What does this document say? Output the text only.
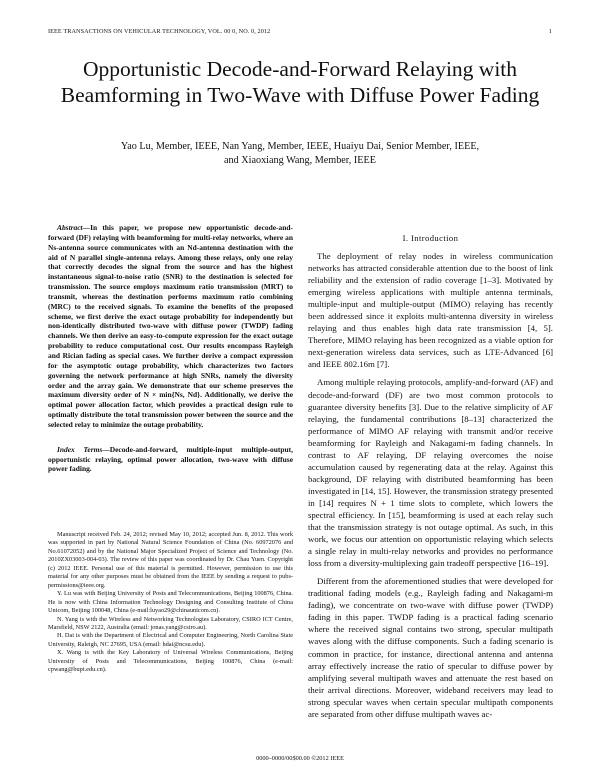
IEEE TRANSACTIONS ON VEHICULAR TECHNOLOGY, VOL. 00 0, NO. 0, 2012	1
Opportunistic Decode-and-Forward Relaying with Beamforming in Two-Wave with Diffuse Power Fading
Yao Lu, Member, IEEE, Nan Yang, Member, IEEE, Huaiyu Dai, Senior Member, IEEE,
and Xiaoxiang Wang, Member, IEEE
Abstract—In this paper, we propose new opportunistic decode-and-forward (DF) relaying with beamforming for multi-relay networks, where an Ns-antenna source communicates with an Nd-antenna destination with the aid of N parallel single-antenna relays. Among these relays, only one relay that correctly decodes the signal from the source and has the highest instantaneous signal-to-noise ratio (SNR) to the destination is selected for transmission. The source employs maximum ratio transmission (MRT) to transmit, whereas the destination performs maximum ratio combining (MRC) to the received signals. To examine the benefits of the proposed scheme, we first derive the exact outage probability for independently but non-identically distributed two-wave with diffuse power (TWDP) fading channels. We then derive an easy-to-compute expression for the exact outage probability to reduce computational cost. Our results encompass Rayleigh and Rician fading as special cases. We further derive a compact expression for the asymptotic outage probability, which characterizes two factors governing the network performance at high SNRs, namely the diversity order and the array gain. We demonstrate that our scheme preserves the maximum diversity order of N × min{Ns, Nd}. Additionally, we derive the optimal power allocation factor, which provides a practical design rule to optimally distribute the total transmission power between the source and the selected relay to minimize the outage probability.
Index Terms—Decode-and-forward, multiple-input multiple-output, opportunistic relaying, optimal power allocation, two-wave with diffuse power fading.

Manuscript received Feb. 24, 2012; revised May 10, 2012; accepted Jun. 8, 2012. This work was supported in part by National Natural Science Foundation of China (No. 60972076 and No.61072052) and by the National Major Specialized Project of Science and Technology (No. 2010ZX03003-004-03). The review of this paper was coordinated by Dr. Chau Yuen. Copyright (c) 2012 IEEE. Personal use of this material is permitted. However, permission to use this material for any other purposes must be obtained from the IEEE by sending a request to pubs-permissions@ieee.org.

Y. Lu was with Beijing University of Posts and Telecommunications, Beijing 100876, China. He is now with China Information Technology Designing and Consulting Institute of China Unicom, Beijing 100048, China (e-mail:luyao29@chinaunicom.cn).

N. Yang is with the Wireless and Networking Technologies Laboratory, CSIRO ICT Centre, Marsfield, NSW 2122, Australia (email: jonas.yang@csiro.au).

H. Dai is with the Department of Electrical and Computer Engineering, North Carolina State University, Raleigh, NC 27695, USA (email: hdai@ncsu.edu).

X. Wang is with the Key Laboratory of Universal Wireless Communications, Beijing University of Posts and Telecommunications, Beijing 100876, China (e-mail: cpwang@bupt.edu.cn).

I. Introduction

The deployment of relay nodes in wireless communication networks has attracted considerable attention due to the boost of link reliability and the extension of radio coverage [1–3]. Motivated by emerging wireless applications with multiple antenna terminals, multiple-input and multiple-output (MIMO) relaying has recently been addressed since it exploits multi-antenna diversity in wireless relaying and thus enables high data rate transmission [4, 5]. Therefore, MIMO relaying has been recognized as a viable option for next-generation wireless data services, such as LTE-Advanced [6] and IEEE 802.16m [7].

Among multiple relaying protocols, amplify-and-forward (AF) and decode-and-forward (DF) are two most common protocols to guarantee diversity benefits [3]. Due to the relative simplicity of AF relaying, the fundamental contributions [8–13] characterized the performance of MIMO AF relaying with transmit and/or receive beamforming for Rayleigh and Nakagami-m fading channels. In contrast to AF relaying, DF relaying overcomes the noise accumulation caused by regenerating data at the relay. Against this background, DF relaying with distributed beamforming has been investigated in [14, 15]. However, the transmission strategy presented in [14] requires N + 1 time slots to complete, which lowers the spectral efficiency. In [15], beamforming is used at each relay such that the transmission strategy is not outage optimal. As such, in this work, we focus our attention on opportunistic relaying which selects a single relay in multi-relay networks and provides no performance loss from a diversity-multiplexing gain tradeoff perspective [16–19].

Different from the aforementioned studies that were developed for traditional fading models (e.g., Rayleigh fading and Nakagami-m fading), we concentrate on two-wave with diffuse power (TWDP) fading in this paper. TWDP fading is a practical fading scenario where the received signal contains two strong, specular multipath waves along with the diffuse components. Such a fading scenario is common in practice, for instance, directional antenna and antenna array effectively increase the ratio of specular to diffuse power by amplifying several multipath waves and attenuate the rest based on their arrival directions. Moreover, wideband receivers may lead to strong specular waves when certain specular multipath components are separated from other diffuse multipath waves ac-

0000–0000/00$00.00 ©2012 IEEE
